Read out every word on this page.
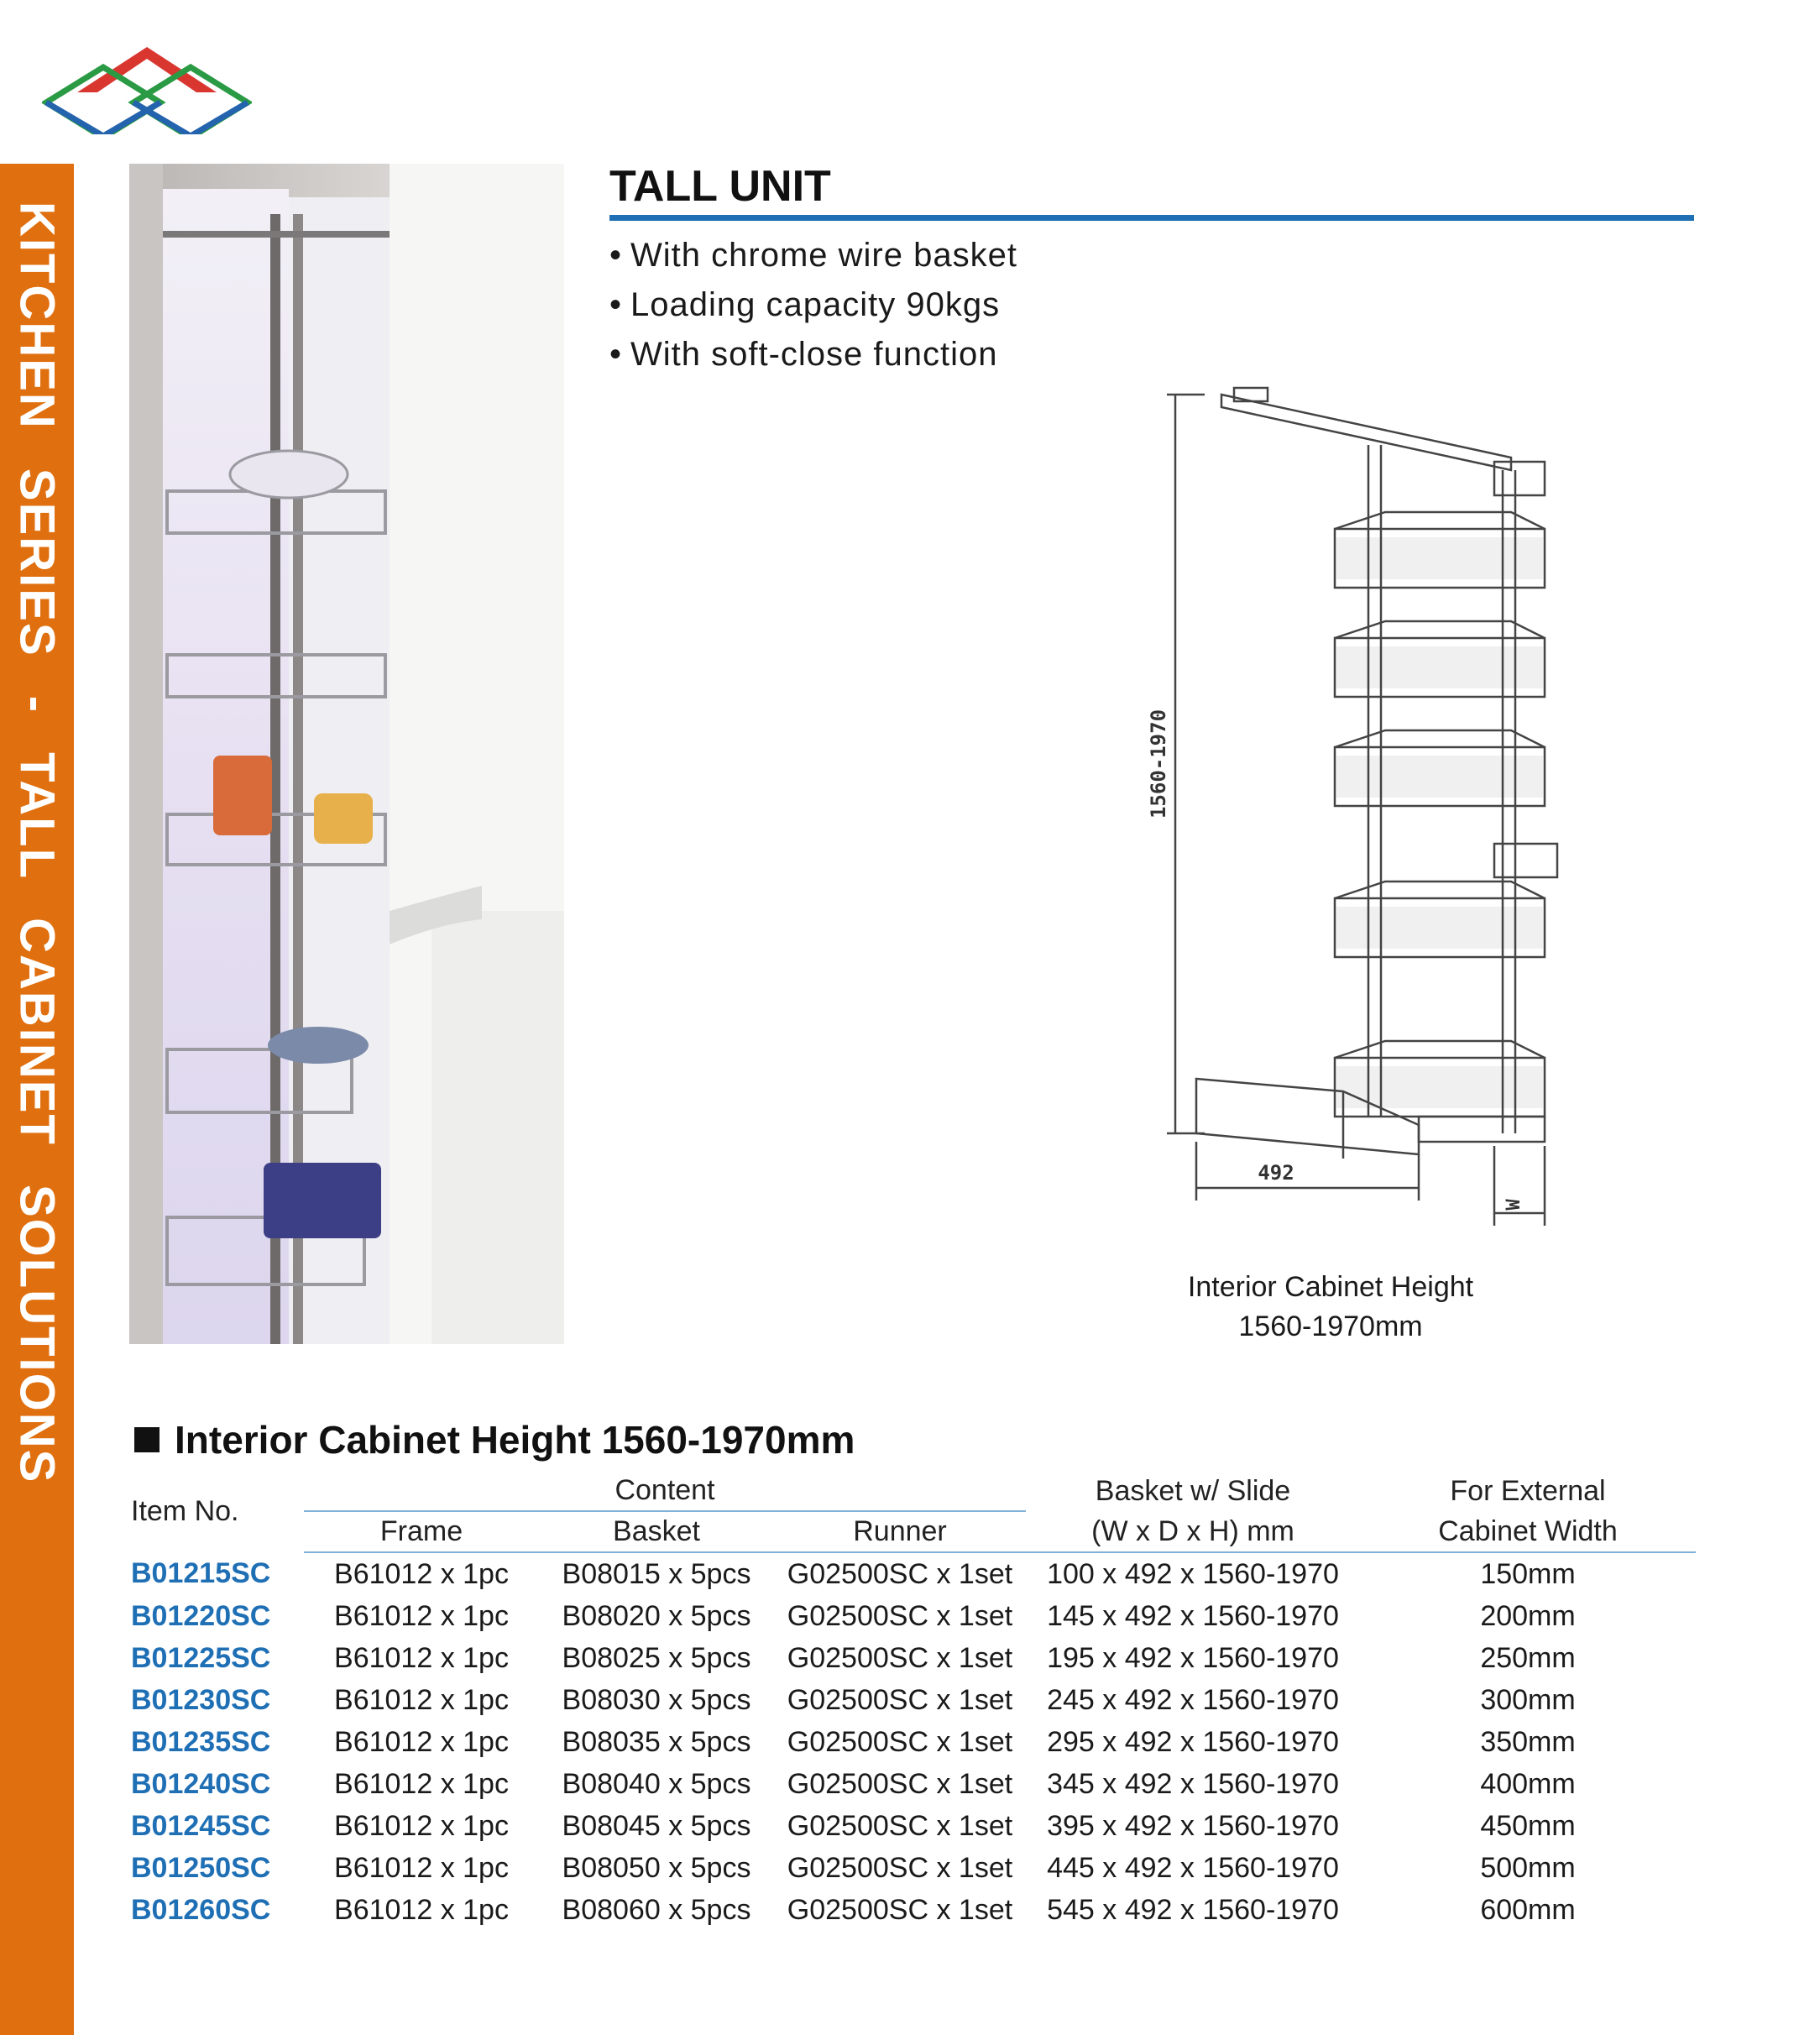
KITCHEN SERIES - TALL CABINET SOLUTIONS
TALL UNIT
• With chrome wire basket
• Loading capacity 90kgs
• With soft-close function
1560-1970
492
W
Interior Cabinet Height
1560-1970mm
Interior Cabinet Height 1560-1970mm
Item No.	Content			Basket w/ Slide	For External
	Frame	Basket	Runner	(W x D x H) mm	Cabinet Width
B01215SC	B61012 x 1pc	B08015 x 5pcs	G02500SC x 1set	100 x 492 x 1560-1970	150mm
B01220SC	B61012 x 1pc	B08020 x 5pcs	G02500SC x 1set	145 x 492 x 1560-1970	200mm
B01225SC	B61012 x 1pc	B08025 x 5pcs	G02500SC x 1set	195 x 492 x 1560-1970	250mm
B01230SC	B61012 x 1pc	B08030 x 5pcs	G02500SC x 1set	245 x 492 x 1560-1970	300mm
B01235SC	B61012 x 1pc	B08035 x 5pcs	G02500SC x 1set	295 x 492 x 1560-1970	350mm
B01240SC	B61012 x 1pc	B08040 x 5pcs	G02500SC x 1set	345 x 492 x 1560-1970	400mm
B01245SC	B61012 x 1pc	B08045 x 5pcs	G02500SC x 1set	395 x 492 x 1560-1970	450mm
B01250SC	B61012 x 1pc	B08050 x 5pcs	G02500SC x 1set	445 x 492 x 1560-1970	500mm
B01260SC	B61012 x 1pc	B08060 x 5pcs	G02500SC x 1set	545 x 492 x 1560-1970	600mm
